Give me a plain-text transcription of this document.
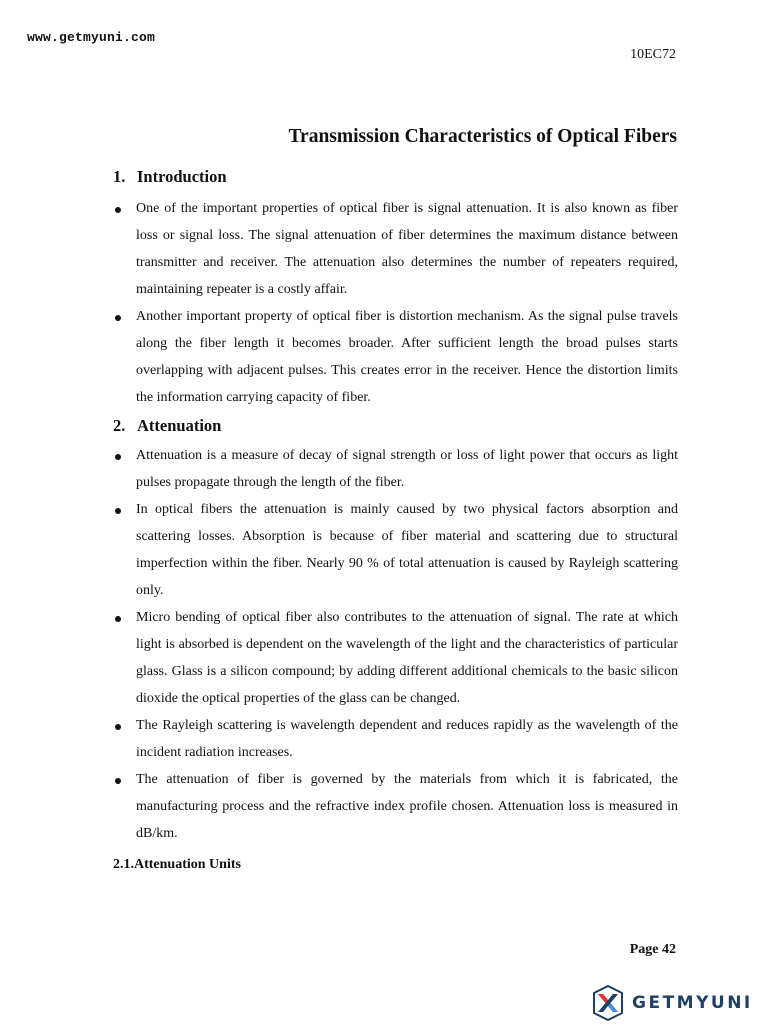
www.getmyuni.com
10EC72
Transmission Characteristics of Optical Fibers
1. Introduction
One of the important properties of optical fiber is signal attenuation. It is also known as fiber loss or signal loss. The signal attenuation of fiber determines the maximum distance between transmitter and receiver. The attenuation also determines the number of repeaters required, maintaining repeater is a costly affair.
Another important property of optical fiber is distortion mechanism. As the signal pulse travels along the fiber length it becomes broader. After sufficient length the broad pulses starts overlapping with adjacent pulses. This creates error in the receiver. Hence the distortion limits the information carrying capacity of fiber.
2. Attenuation
Attenuation is a measure of decay of signal strength or loss of light power that occurs as light pulses propagate through the length of the fiber.
In optical fibers the attenuation is mainly caused by two physical factors absorption and scattering losses. Absorption is because of fiber material and scattering due to structural imperfection within the fiber. Nearly 90 % of total attenuation is caused by Rayleigh scattering only.
Micro bending of optical fiber also contributes to the attenuation of signal. The rate at which light is absorbed is dependent on the wavelength of the light and the characteristics of particular glass. Glass is a silicon compound; by adding different additional chemicals to the basic silicon dioxide the optical properties of the glass can be changed.
The Rayleigh scattering is wavelength dependent and reduces rapidly as the wavelength of the incident radiation increases.
The attenuation of fiber is governed by the materials from which it is fabricated, the manufacturing process and the refractive index profile chosen. Attenuation loss is measured in dB/km.
2.1.Attenuation Units
Page 42
GETMYUNI
